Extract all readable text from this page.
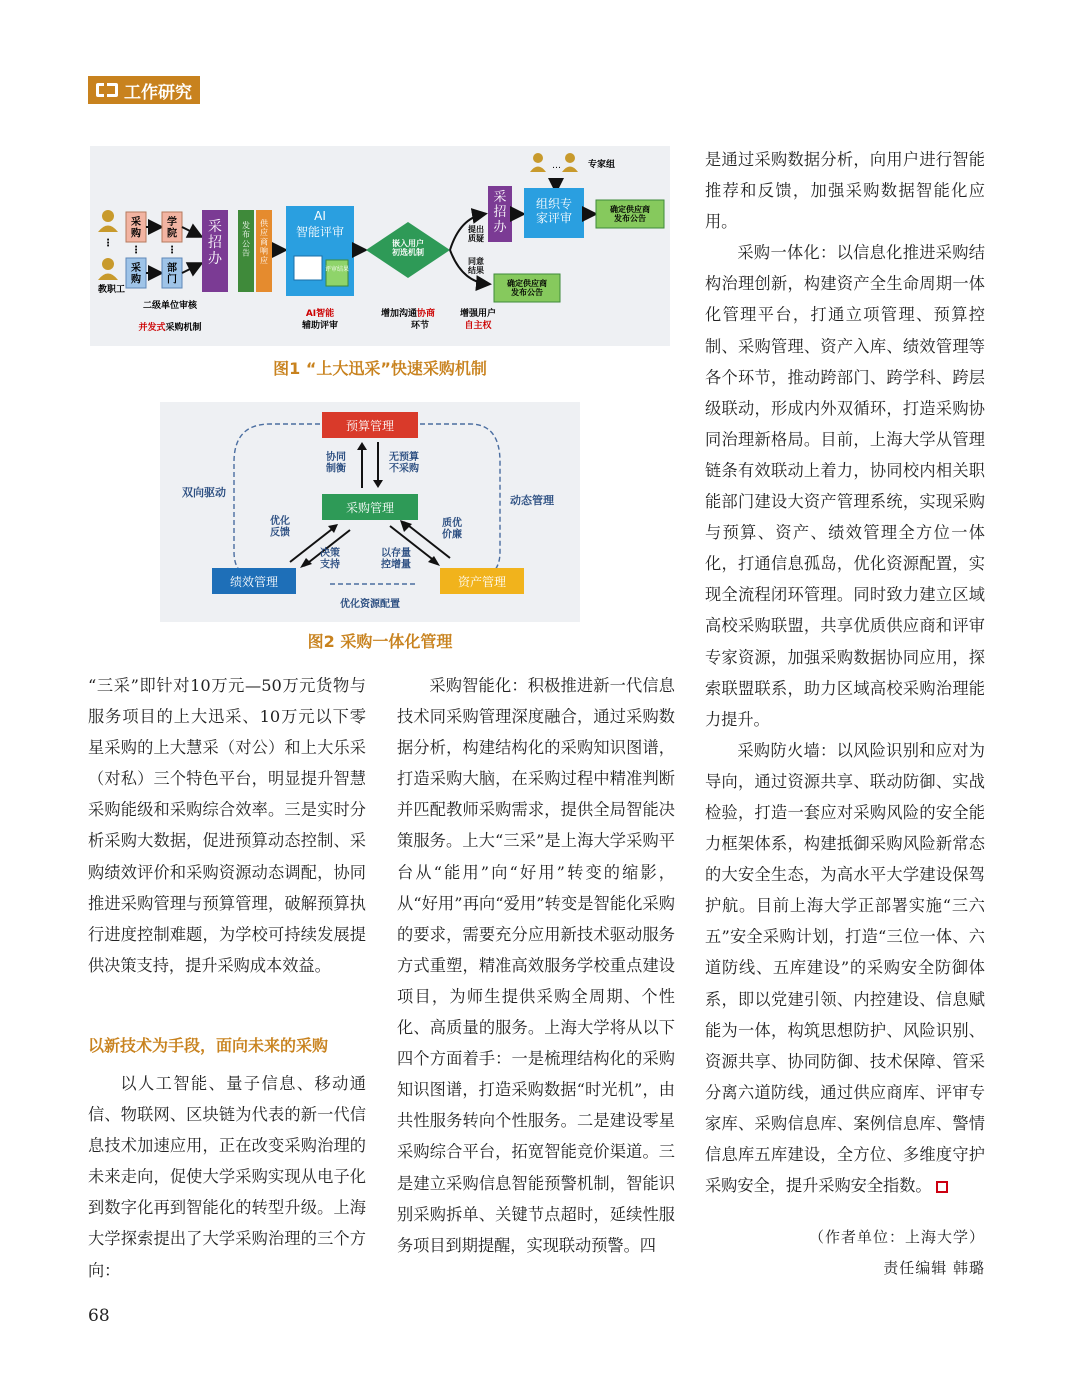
工作研究
⋮
教职工
采购
采购
⋮
学院
部门
⋮
二级单位审核
并发式采购机制
采招办
发布公告
供应商响应
AI
智能评审
评审结果
AI智能
辅助评审
嵌入用户初选机制
增加沟通协商
环节
提出质疑
同意结果
增强用户
自主权
采招办
…	专家组
组织专家评审
确定供应商发布公告
确定供应商发布公告
图1 “上大迅采”快速采购机制
预算管理
采购管理
绩效管理	资产管理
协同制衡
无预算不采购
双向驱动
动态管理
优化反馈
决策支持
以存量控增量
质优价廉
优化资源配置
图2 采购一体化管理

“三采”即针对10万元—50万元货物与服务项目的上大迅采、10万元以下零星采购的上大慧采（对公）和上大乐采（对私）三个特色平台，明显提升智慧采购能级和采购综合效率。三是实时分析采购大数据，促进预算动态控制、采购绩效评价和采购资源动态调配，协同推进采购管理与预算管理，破解预算执行进度控制难题，为学校可持续发展提供决策支持，提升采购成本效益。

以新技术为手段，面向未来的采购

以人工智能、量子信息、移动通信、物联网、区块链为代表的新一代信息技术加速应用，正在改变采购治理的未来走向，促使大学采购实现从电子化到数字化再到智能化的转型升级。上海大学探索提出了大学采购治理的三个方向：

采购智能化：积极推进新一代信息技术同采购管理深度融合，通过采购数据分析，构建结构化的采购知识图谱，打造采购大脑，在采购过程中精准判断并匹配教师采购需求，提供全局智能决策服务。上大“三采”是上海大学采购平台从“能用”向“好用”转变的缩影，从“好用”再向“爱用”转变是智能化采购的要求，需要充分应用新技术驱动服务方式重塑，精准高效服务学校重点建设项目，为师生提供采购全周期、个性化、高质量的服务。上海大学将从以下四个方面着手：一是梳理结构化的采购知识图谱，打造采购数据“时光机”，由共性服务转向个性服务。二是建设零星采购综合平台，拓宽智能竞价渠道。三是建立采购信息智能预警机制，智能识别采购拆单、关键节点超时，延续性服务项目到期提醒，实现联动预警。四

是通过采购数据分析，向用户进行智能推荐和反馈，加强采购数据智能化应用。

采购一体化：以信息化推进采购结构治理创新，构建资产全生命周期一体化管理平台，打通立项管理、预算控制、采购管理、资产入库、绩效管理等各个环节，推动跨部门、跨学科、跨层级联动，形成内外双循环，打造采购协同治理新格局。目前，上海大学从管理链条有效联动上着力，协同校内相关职能部门建设大资产管理系统，实现采购与预算、资产、绩效管理全方位一体化，打通信息孤岛，优化资源配置，实现全流程闭环管理。同时致力建立区域高校采购联盟，共享优质供应商和评审专家资源，加强采购数据协同应用，探索联盟联系，助力区域高校采购治理能力提升。

采购防火墙：以风险识别和应对为导向，通过资源共享、联动防御、实战检验，打造一套应对采购风险的安全能力框架体系，构建抵御采购风险新常态的大安全生态，为高水平大学建设保驾护航。目前上海大学正部署实施“三六五”安全采购计划，打造“三位一体、六道防线、五库建设”的采购安全防御体系，即以党建引领、内控建设、信息赋能为一体，构筑思想防护、风险识别、资源共享、协同防御、技术保障、管采分离六道防线，通过供应商库、评审专家库、采购信息库、案例信息库、警情信息库五库建设，全方位、多维度守护采购安全，提升采购安全指数。

（作者单位：上海大学）
责任编辑 韩璐
68
